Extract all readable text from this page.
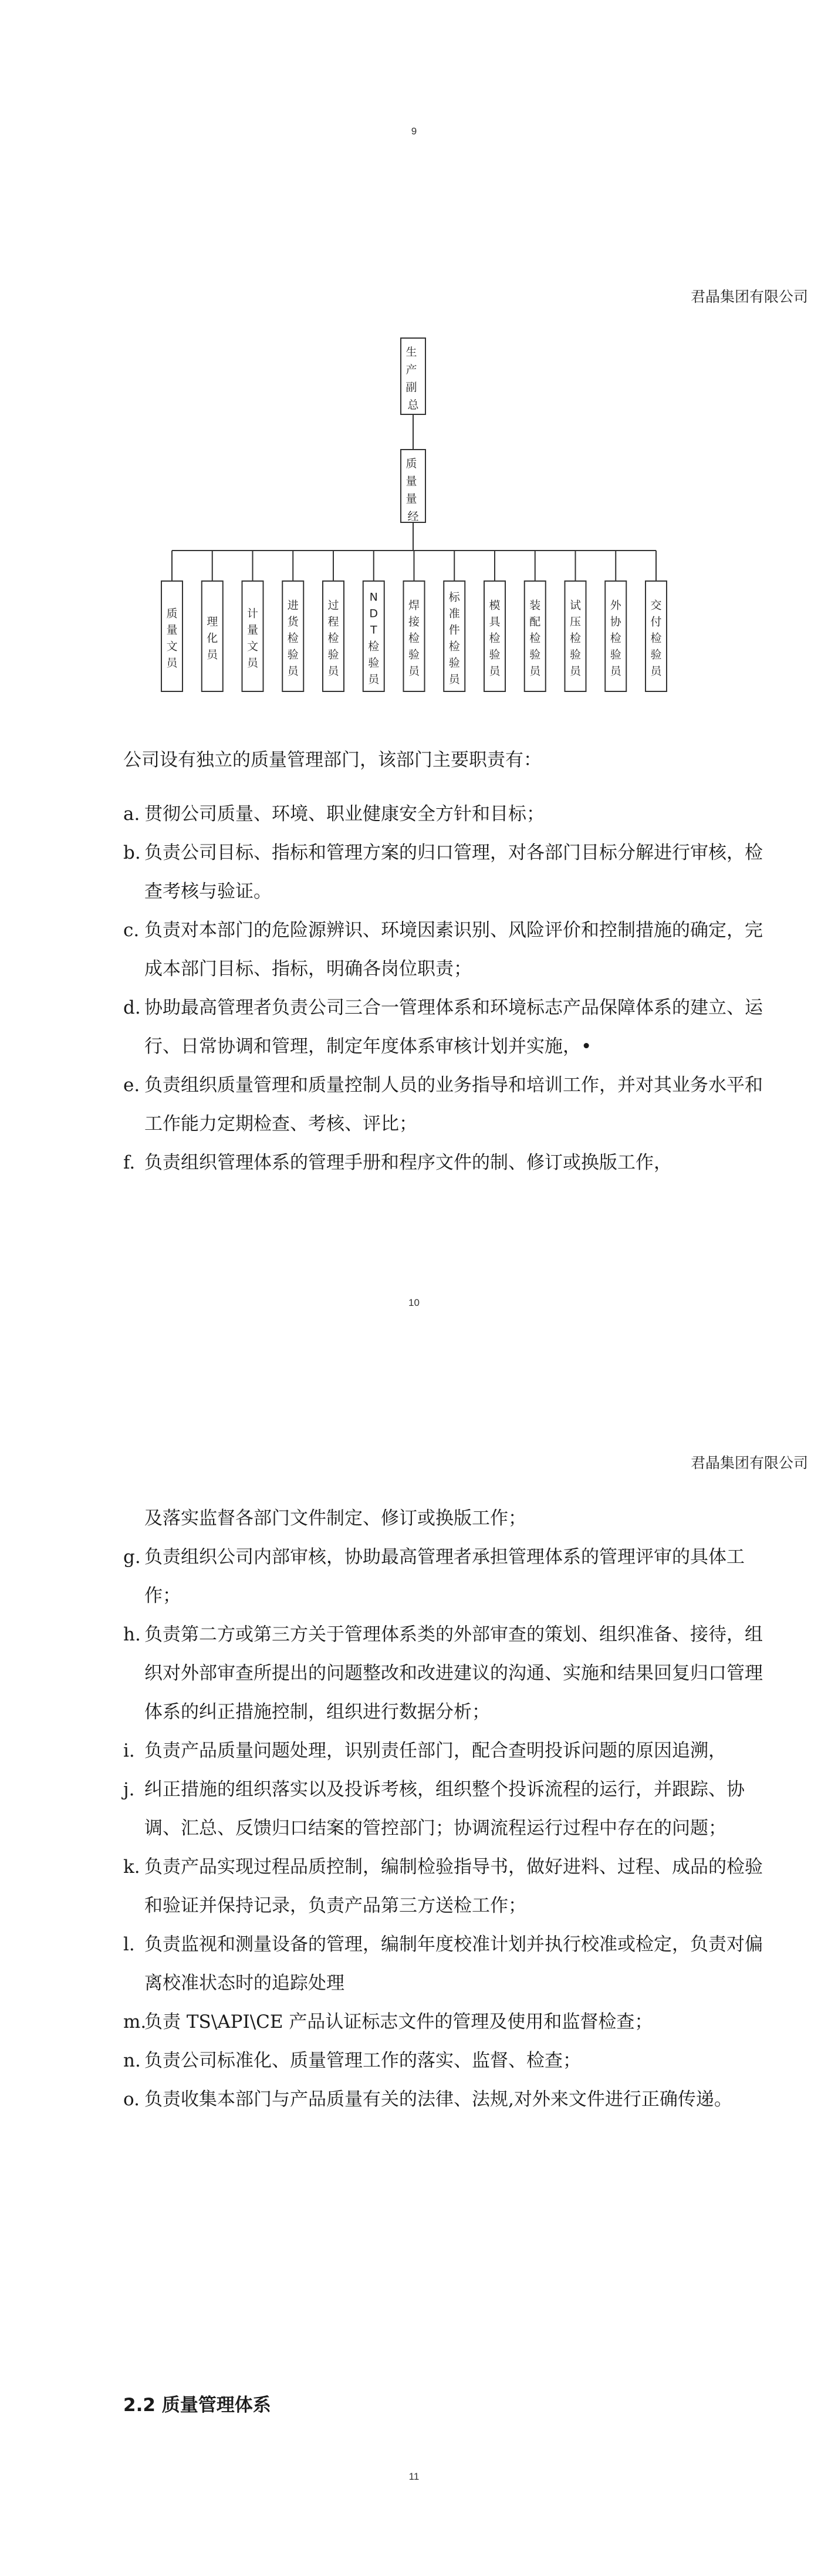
9
君晶集团有限公司
生 产 副 总
质 量 量 经
质量文员
理化员
计量文员
进货检验员
过程检验员
N D T 检验员
焊接检验员
标准件检验员
模具检验员
装配检验员
试压检验员
外协检验员
交付检验员

公司设有独立的质量管理部门，该部门主要职责有：

a. 贯彻公司质量、环境、职业健康安全方针和目标；
b. 负责公司目标、指标和管理方案的归口管理，对各部门目标分解进行审核，检查考核与验证。
c. 负责对本部门的危险源辨识、环境因素识别、风险评价和控制措施的确定，完成本部门目标、指标，明确各岗位职责；
d. 协助最高管理者负责公司三合一管理体系和环境标志产品保障体系的建立、运行、日常协调和管理，制定年度体系审核计划并实施，•
e. 负责组织质量管理和质量控制人员的业务指导和培训工作，并对其业务水平和工作能力定期检查、考核、评比；
f. 负责组织管理体系的管理手册和程序文件的制、修订或换版工作，
10
君晶集团有限公司

及落实监督各部门文件制定、修订或换版工作；

g. 负责组织公司内部审核，协助最高管理者承担管理体系的管理评审的具体工作；
h. 负责第二方或第三方关于管理体系类的外部审查的策划、组织准备、接待，组织对外部审查所提出的问题整改和改进建议的沟通、实施和结果回复归口管理体系的纠正措施控制，组织进行数据分析；
i. 负责产品质量问题处理，识别责任部门，配合查明投诉问题的原因追溯，
j. 纠正措施的组织落实以及投诉考核，组织整个投诉流程的运行，并跟踪、协调、汇总、反馈归口结案的管控部门；协调流程运行过程中存在的问题；
k. 负责产品实现过程品质控制，编制检验指导书，做好进料、过程、成品的检验和验证并保持记录，负责产品第三方送检工作；
l. 负责监视和测量设备的管理，编制年度校准计划并执行校准或检定，负责对偏离校准状态时的追踪处理
m.
负责 TS\API\CE 产品认证标志文件的管理及使用和监督检查；
n. 负责公司标准化、质量管理工作的落实、监督、检查；
o. 负责收集本部门与产品质量有关的法律、法规,对外来文件进行正确传递。
2.2 质量管理体系
11
